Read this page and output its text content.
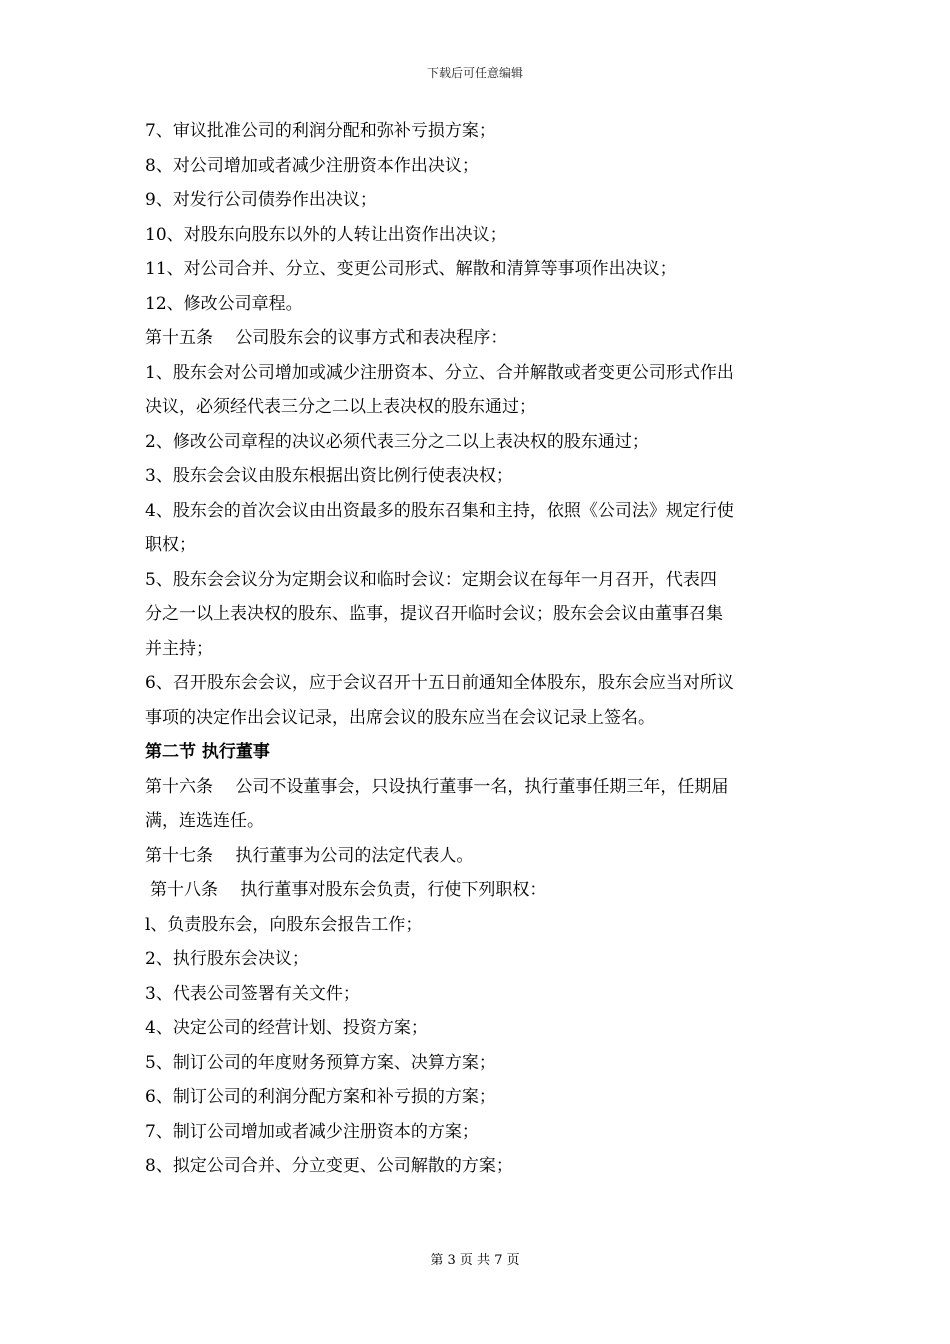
下载后可任意编辑
7、审议批准公司的利润分配和弥补亏损方案；
8、对公司增加或者减少注册资本作出决议；
9、对发行公司债券作出决议；
10、对股东向股东以外的人转让出资作出决议；
11、对公司合并、分立、变更公司形式、解散和清算等事项作出决议；
12、修改公司章程。
第十五条　 公司股东会的议事方式和表决程序：
1、股东会对公司增加或减少注册资本、分立、合并解散或者变更公司形式作出
决议，必须经代表三分之二以上表决权的股东通过；
2、修改公司章程的决议必须代表三分之二以上表决权的股东通过；
3、股东会会议由股东根据出资比例行使表决权；
4、股东会的首次会议由出资最多的股东召集和主持，依照《公司法》规定行使
职权；
5、股东会会议分为定期会议和临时会议：定期会议在每年一月召开，代表四
分之一以上表决权的股东、监事，提议召开临时会议；股东会会议由董事召集
并主持；
6、召开股东会会议，应于会议召开十五日前通知全体股东，股东会应当对所议
事项的决定作出会议记录，出席会议的股东应当在会议记录上签名。
第二节 执行董事
第十六条　 公司不设董事会，只设执行董事一名，执行董事任期三年，任期届
满，连选连任。
第十七条　 执行董事为公司的法定代表人。
第十八条　 执行董事对股东会负责，行使下列职权：
l、负责股东会，向股东会报告工作；
2、执行股东会决议；
3、代表公司签署有关文件；
4、决定公司的经营计划、投资方案；
5、制订公司的年度财务预算方案、决算方案；
6、制订公司的利润分配方案和补亏损的方案；
7、制订公司增加或者减少注册资本的方案；
8、拟定公司合并、分立变更、公司解散的方案；
第 3 页 共 7 页
